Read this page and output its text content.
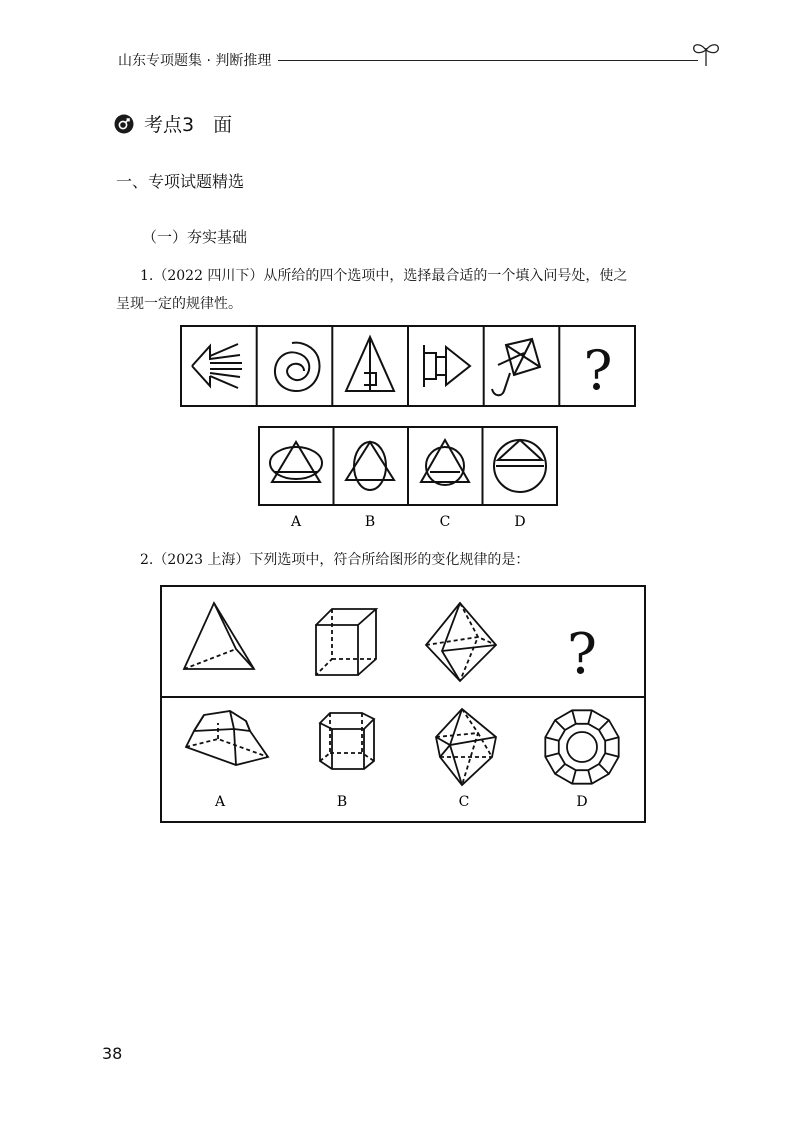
山东专项题集 · 判断推理
考点3　面
一、专项试题精选
（一）夯实基础
1.（2022 四川下）从所给的四个选项中，选择最合适的一个填入问号处，使之
呈现一定的规律性。
?
A	B	C	D
2.（2023 上海）下列选项中，符合所给图形的变化规律的是：
?
A	B	C	D
38
